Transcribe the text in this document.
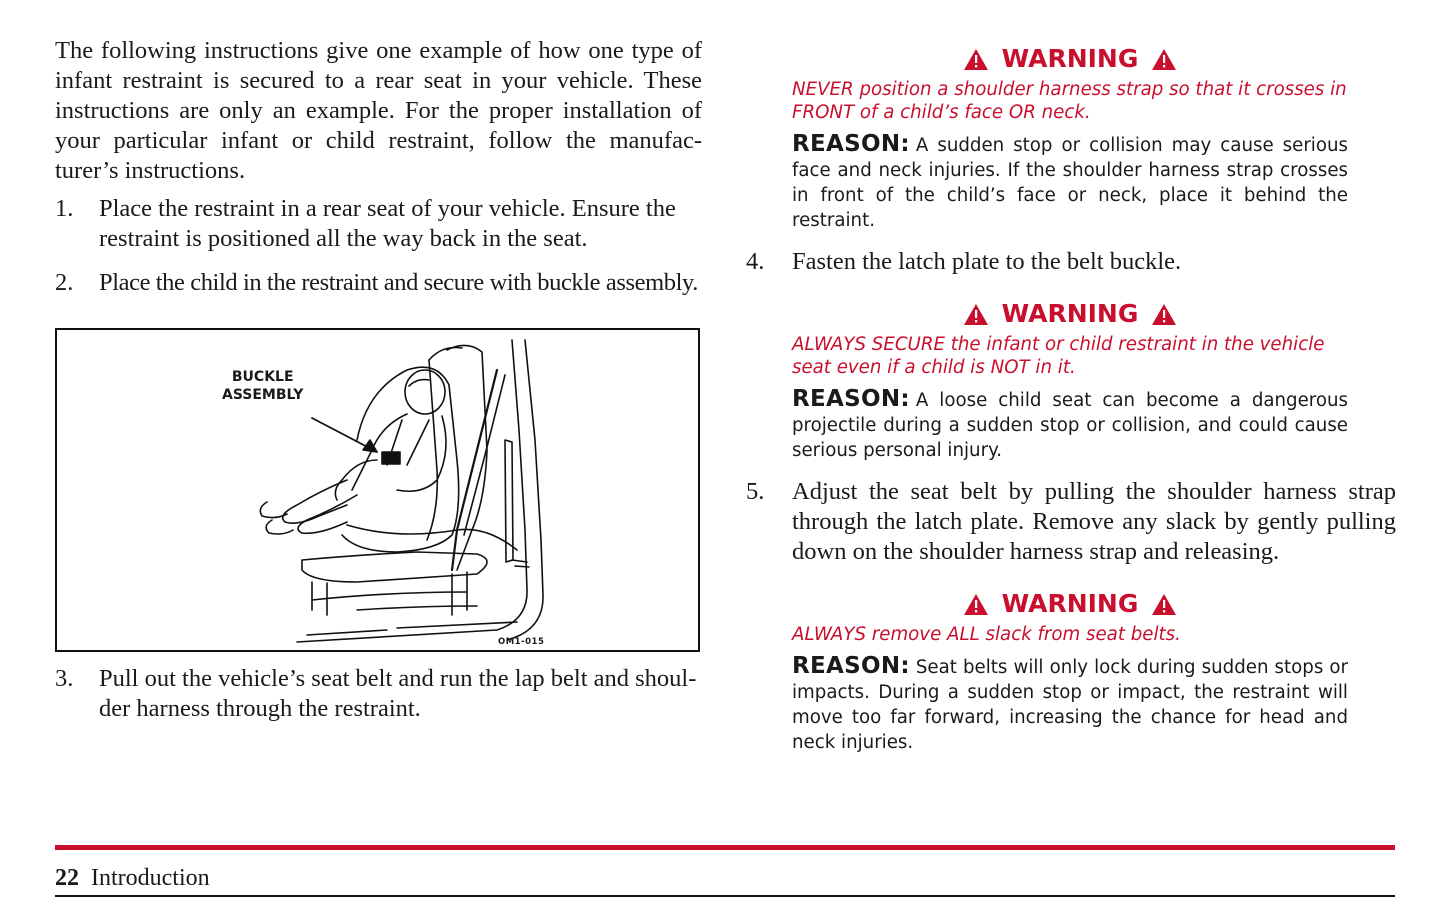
The following instructions give one example of how one type of infant restraint is secured to a rear seat in your vehicle. These instructions are only an example. For the proper installation of your particular infant or child restraint, follow the manufac-turer’s instructions.

1.	Place the restraint in a rear seat of your vehicle. Ensure the restraint is positioned all the way back in the seat.
2.	Place the child in the restraint and secure with buckle assembly.
BUCKLE
ASSEMBLY
OM1-015
3.	Pull out the vehicle’s seat belt and run the lap belt and shoul-der harness through the restraint.
WARNING
NEVER position a shoulder harness strap so that it crosses in FRONT of a child’s face OR neck.
REASON: A sudden stop or collision may cause serious face and neck injuries. If the shoulder harness strap crosses in front of the child’s face or neck, place it behind the restraint.
4.	Fasten the latch plate to the belt buckle.
WARNING
ALWAYS SECURE the infant or child restraint in the vehicle seat even if a child is NOT in it.
REASON: A loose child seat can become a dangerous projectile during a sudden stop or collision, and could cause serious personal injury.
5.	Adjust the seat belt by pulling the shoulder harness strap through the latch plate. Remove any slack by gently pulling down on the shoulder harness strap and releasing.
WARNING
ALWAYS remove ALL slack from seat belts.
REASON: Seat belts will only lock during sudden stops or impacts. During a sudden stop or impact, the restraint will move too far forward, increasing the chance for head and neck injuries.
22 Introduction
